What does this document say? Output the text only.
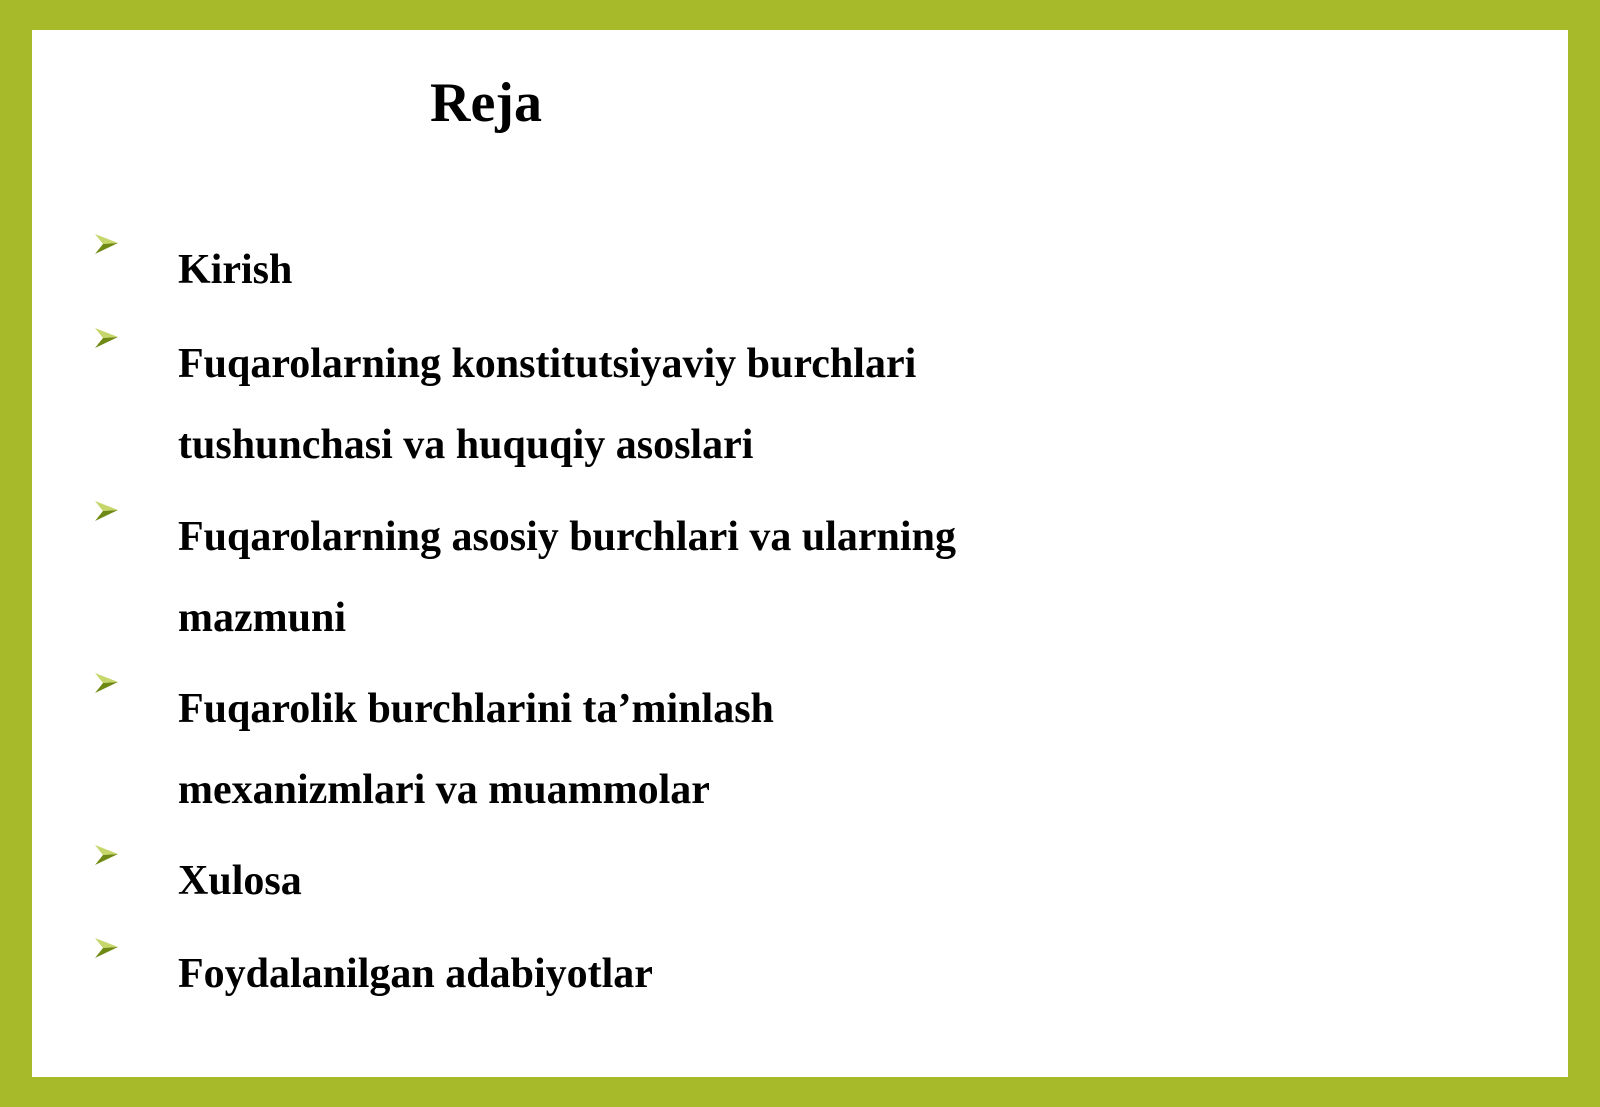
Reja
Kirish
Fuqarolarning konstitutsiyaviy burchlari
tushunchasi va huquqiy asoslari
Fuqarolarning asosiy burchlari va ularning
mazmuni
Fuqarolik burchlarini ta’minlash
mexanizmlari va muammolar
Xulosa
Foydalanilgan adabiyotlar
